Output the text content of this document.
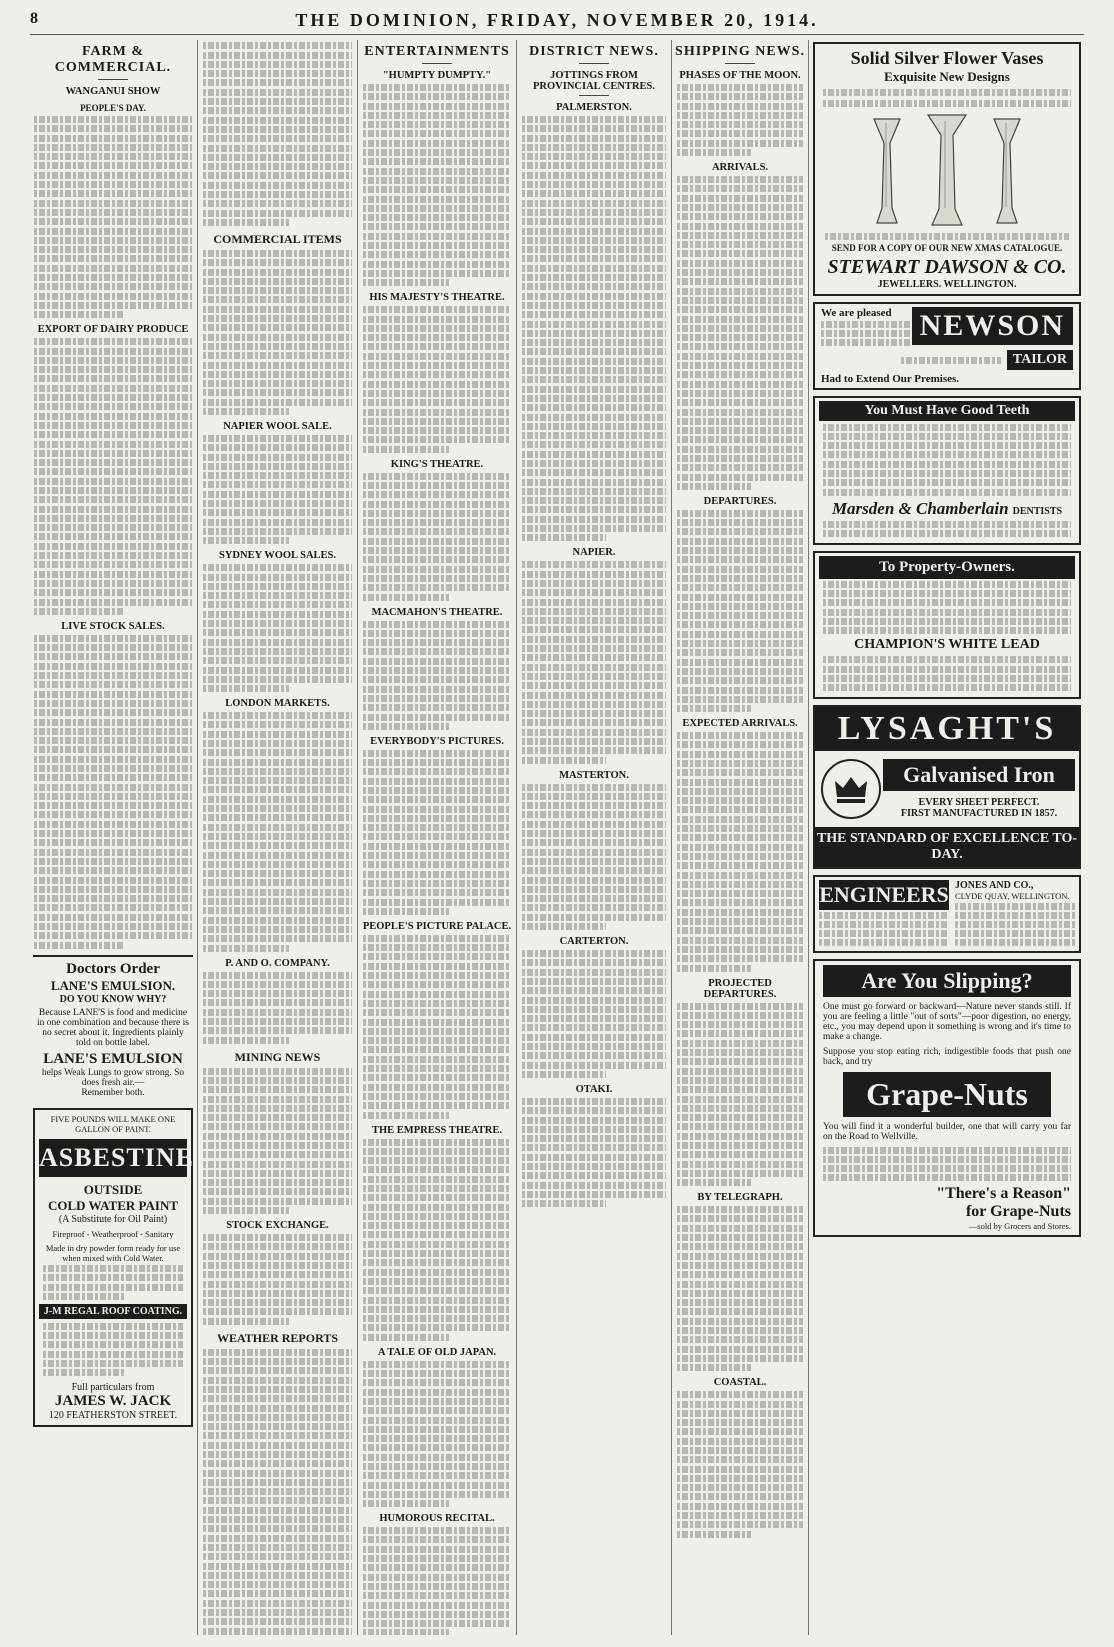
8	THE DOMINION, FRIDAY, NOVEMBER 20, 1914.
FARM & COMMERCIAL.
WANGANUI SHOW
PEOPLE'S DAY.
EXPORT OF DAIRY PRODUCE
LIVE STOCK SALES.
Doctors Order
LANE'S EMULSION.
DO YOU KNOW WHY?
Because LANE'S is food and medicine in one combination and because there is no secret about it. Ingredients plainly told on bottle label.
LANE'S EMULSION
helps Weak Lungs to grow strong. So does fresh air.—
Remember both.
FIVE POUNDS WILL MAKE ONE GALLON OF PAINT.
ASBESTINE
OUTSIDE
COLD WATER PAINT
(A Substitute for Oil Paint)
Fireproof - Weatherproof - Sanitary
Made in dry powder form ready for use when mixed with Cold Water.
J-M REGAL ROOF COATING.
Full particulars from
JAMES W. JACK
120 FEATHERSTON STREET.
COMMERCIAL ITEMS
NAPIER WOOL SALE.
SYDNEY WOOL SALES.
LONDON MARKETS.
P. AND O. COMPANY.
MINING NEWS
STOCK EXCHANGE.
WEATHER REPORTS
ENTERTAINMENTS
"HUMPTY DUMPTY."
HIS MAJESTY'S THEATRE.
KING'S THEATRE.
MACMAHON'S THEATRE.
EVERYBODY'S PICTURES.
PEOPLE'S PICTURE PALACE.
THE EMPRESS THEATRE.
A TALE OF OLD JAPAN.
HUMOROUS RECITAL.
DISTRICT NEWS.
JOTTINGS FROM PROVINCIAL CENTRES.
PALMERSTON.
NAPIER.
MASTERTON.
CARTERTON.
OTAKI.
SHIPPING NEWS.
PHASES OF THE MOON.
ARRIVALS.
DEPARTURES.
EXPECTED ARRIVALS.
PROJECTED DEPARTURES.
BY TELEGRAPH.
COASTAL.
Solid Silver Flower Vases
Exquisite New Designs
SEND FOR A COPY OF OUR NEW XMAS CATALOGUE.
STEWART DAWSON & CO.
JEWELLERS. WELLINGTON.
We are pleased NEWSON
TAILOR
Had to Extend Our Premises.
You Must Have Good Teeth
Marsden & Chamberlain DENTISTS
To Property-Owners.
CHAMPION'S WHITE LEAD
LYSAGHT'S
Galvanised Iron
EVERY SHEET PERFECT.
FIRST MANUFACTURED IN 1857.
THE STANDARD OF EXCELLENCE TO-DAY.
ENGINEERS JONES AND CO.,
CLYDE QUAY, WELLINGTON.
Are You Slipping?
One must go forward or backward—Nature never stands still. If you are feeling a little "out of sorts"—poor digestion, no energy, etc., you may depend upon it something is wrong and it's time to make a change.
Suppose you stop eating rich, indigestible foods that push one back, and try
Grape-Nuts
You will find it a wonderful builder, one that will carry you far on the Road to Wellville.
"There's a Reason"
for Grape-Nuts
—sold by Grocers and Stores.
